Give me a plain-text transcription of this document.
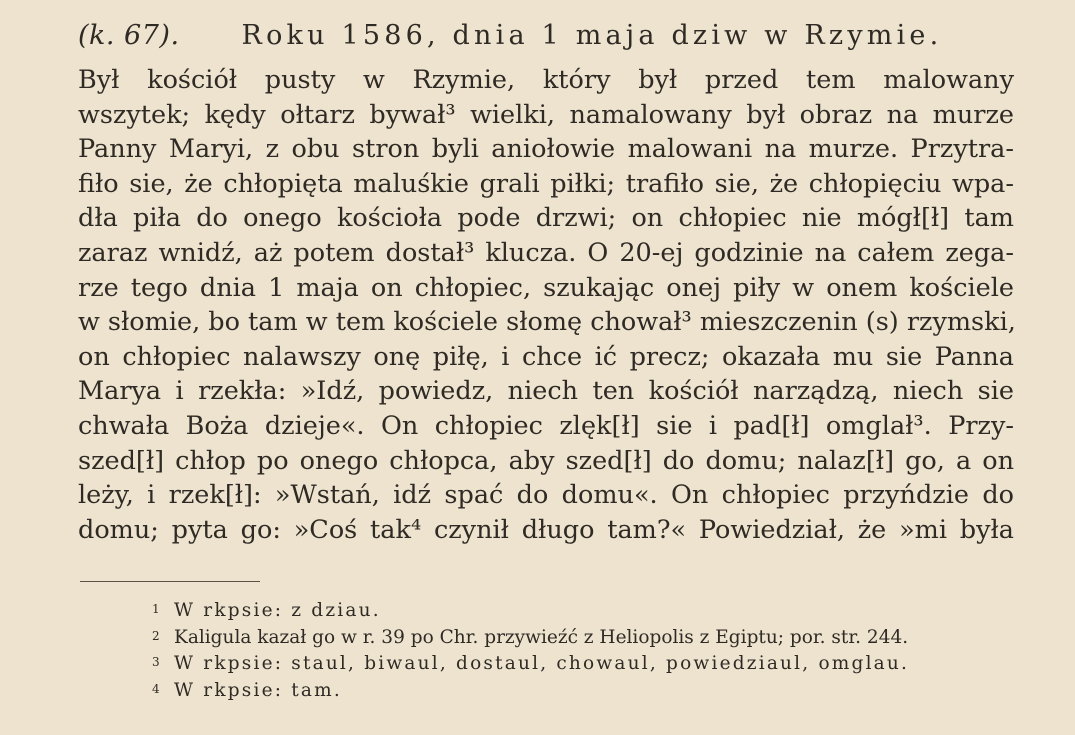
(k. 67). Roku 1586, dnia 1 maja dziw w Rzymie.
Był kościół pusty w Rzymie, który był przed tem malowany
wszytek; kędy ołtarz bywał³ wielki, namalowany był obraz na murze
Panny Maryi, z obu stron byli aniołowie malowani na murze. Przytra-
fiło sie, że chłopięta maluśkie grali piłki; trafiło sie, że chłopięciu wpa-
dła piła do onego kościoła pode drzwi; on chłopiec nie mógł[ł] tam
zaraz wnidź, aż potem dostał³ klucza. O 20-ej godzinie na całem zega-
rze tego dnia 1 maja on chłopiec, szukając onej piły w onem kościele
w słomie, bo tam w tem kościele słomę chował³ mieszczenin (s) rzymski,
on chłopiec nalawszy onę piłę, i chce ić precz; okazała mu sie Panna
Marya i rzekła: »Idź, powiedz, niech ten kościół narządzą, niech sie
chwała Boża dzieje«. On chłopiec zlęk[ł] sie i pad[ł] omglał³. Przy-
szed[ł] chłop po onego chłopca, aby szed[ł] do domu; nalaz[ł] go, a on
leży, i rzek[ł]: »Wstań, idź spać do domu«. On chłopiec przyńdzie do
domu; pyta go: »Coś tak⁴ czynił długo tam?« Powiedział, że »mi była
1 W rkpsie: z dziau.
2 Kaligula kazał go w r. 39 po Chr. przywieźć z Heliopolis z Egiptu; por. str. 244.
3 W rkpsie: staul, biwaul, dostaul, chowaul, powiedziaul, omglau.
4 W rkpsie: tam.
